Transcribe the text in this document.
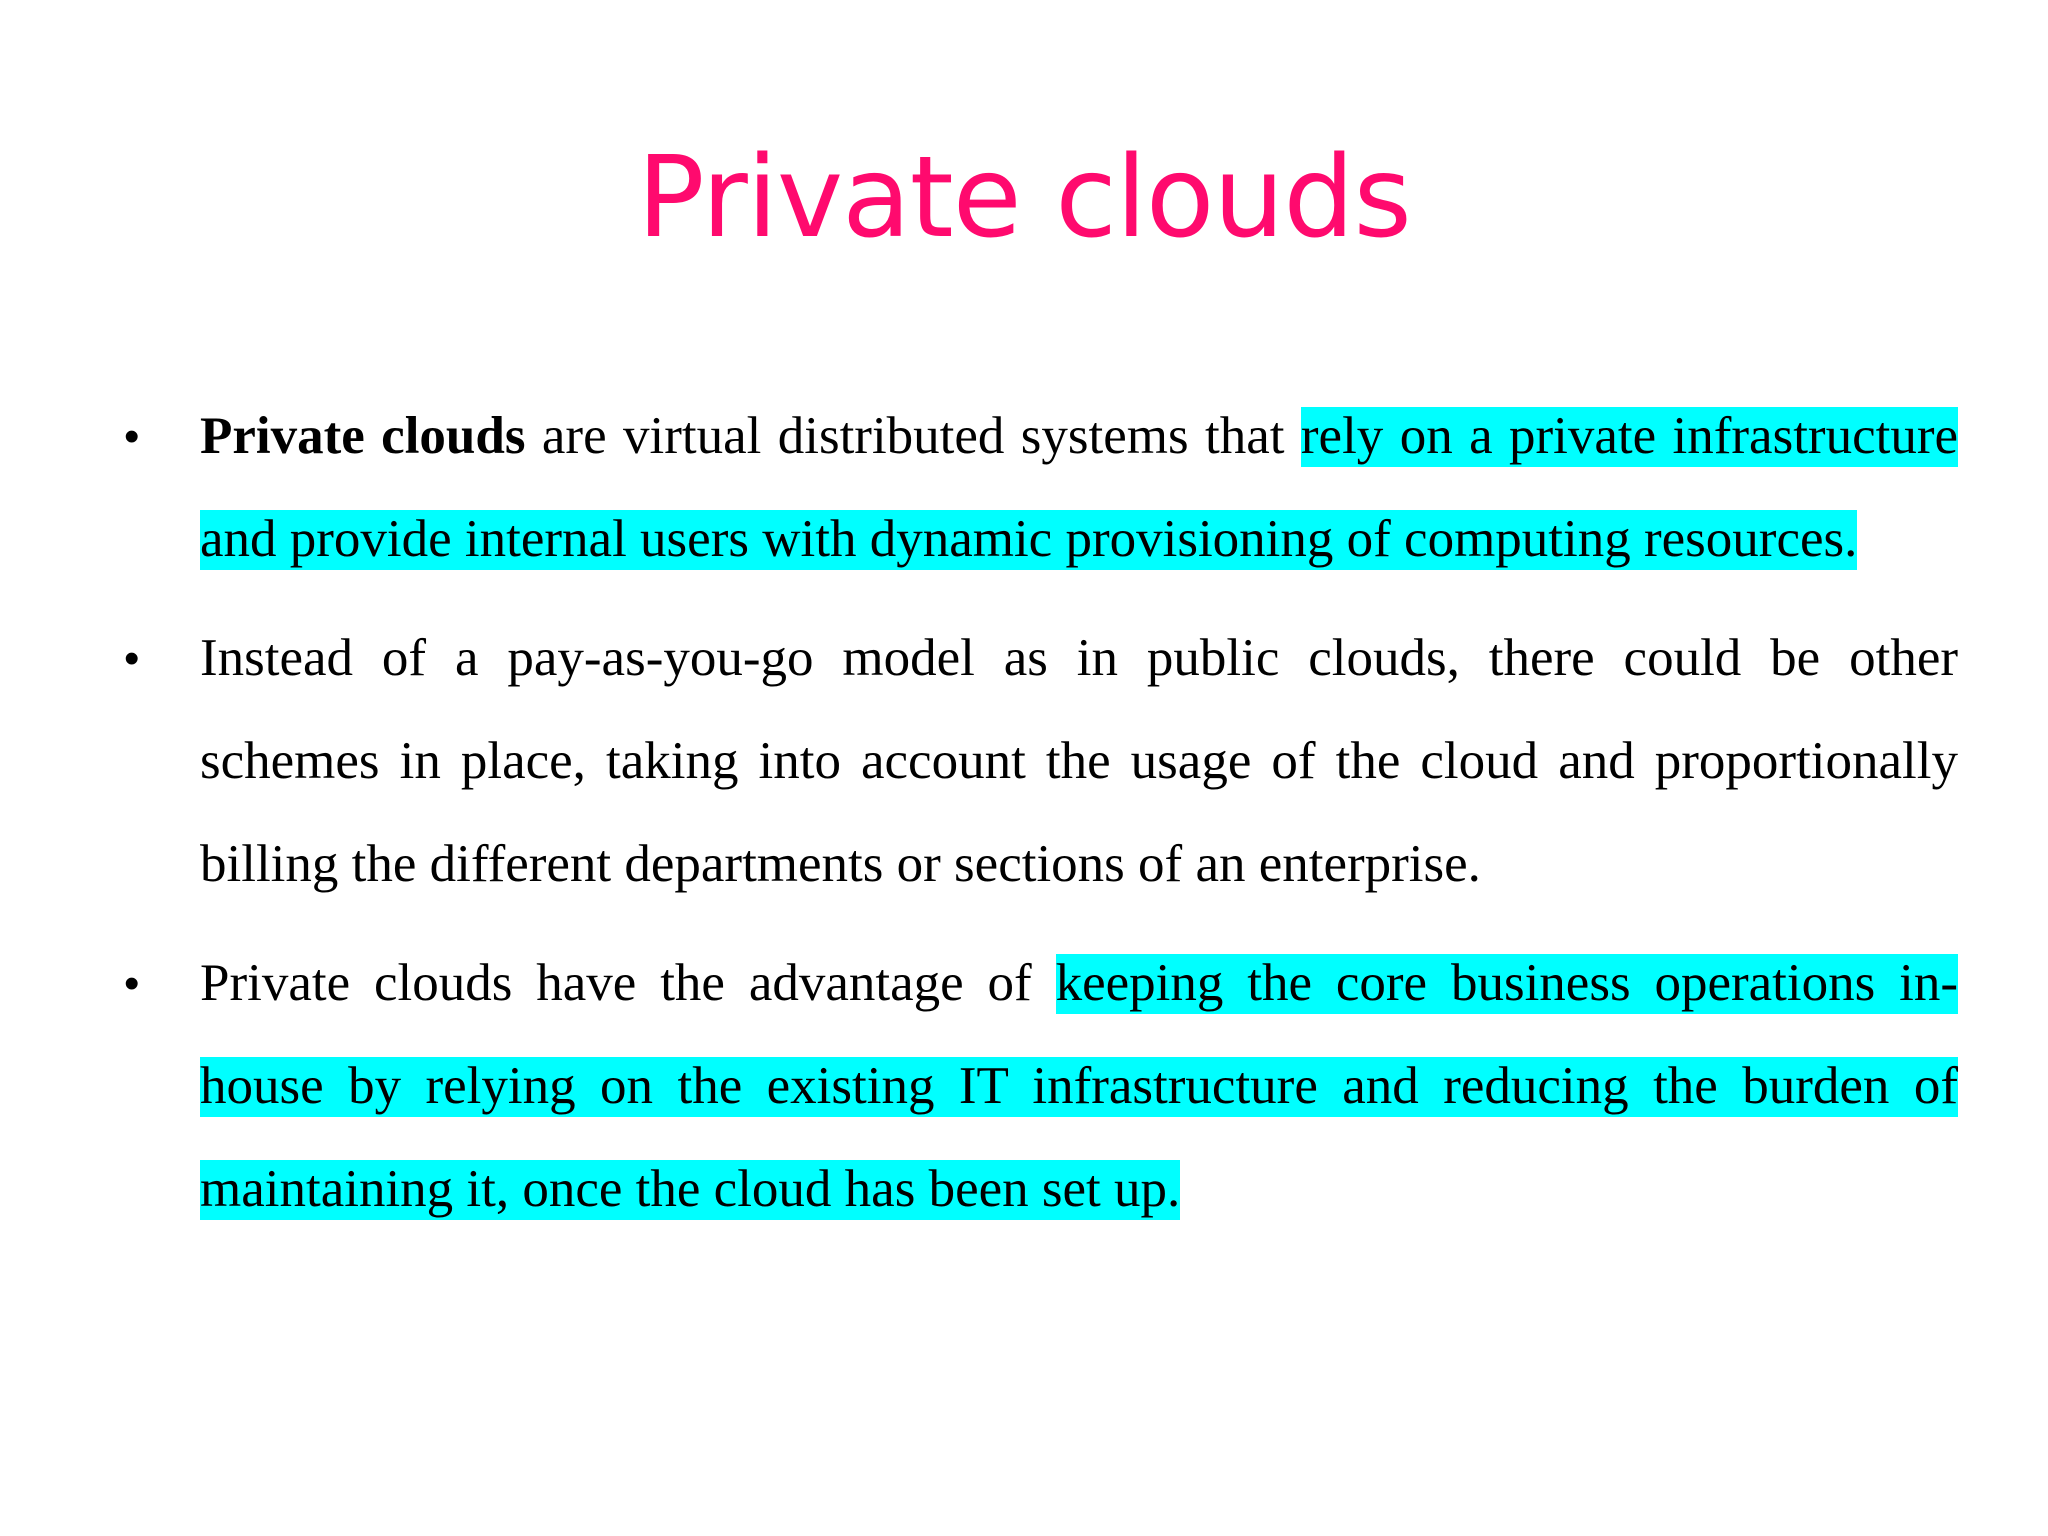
Private clouds
• Private clouds are virtual distributed systems that rely on a private infrastructure and provide internal users with dynamic provisioning of computing resources.
• Instead of a pay-as-you-go model as in public clouds, there could be other schemes in place, taking into account the usage of the cloud and proportionally billing the different departments or sections of an enterprise.
• Private clouds have the advantage of keeping the core business operations in-house by relying on the existing IT infrastructure and reducing the burden of maintaining it, once the cloud has been set up.
